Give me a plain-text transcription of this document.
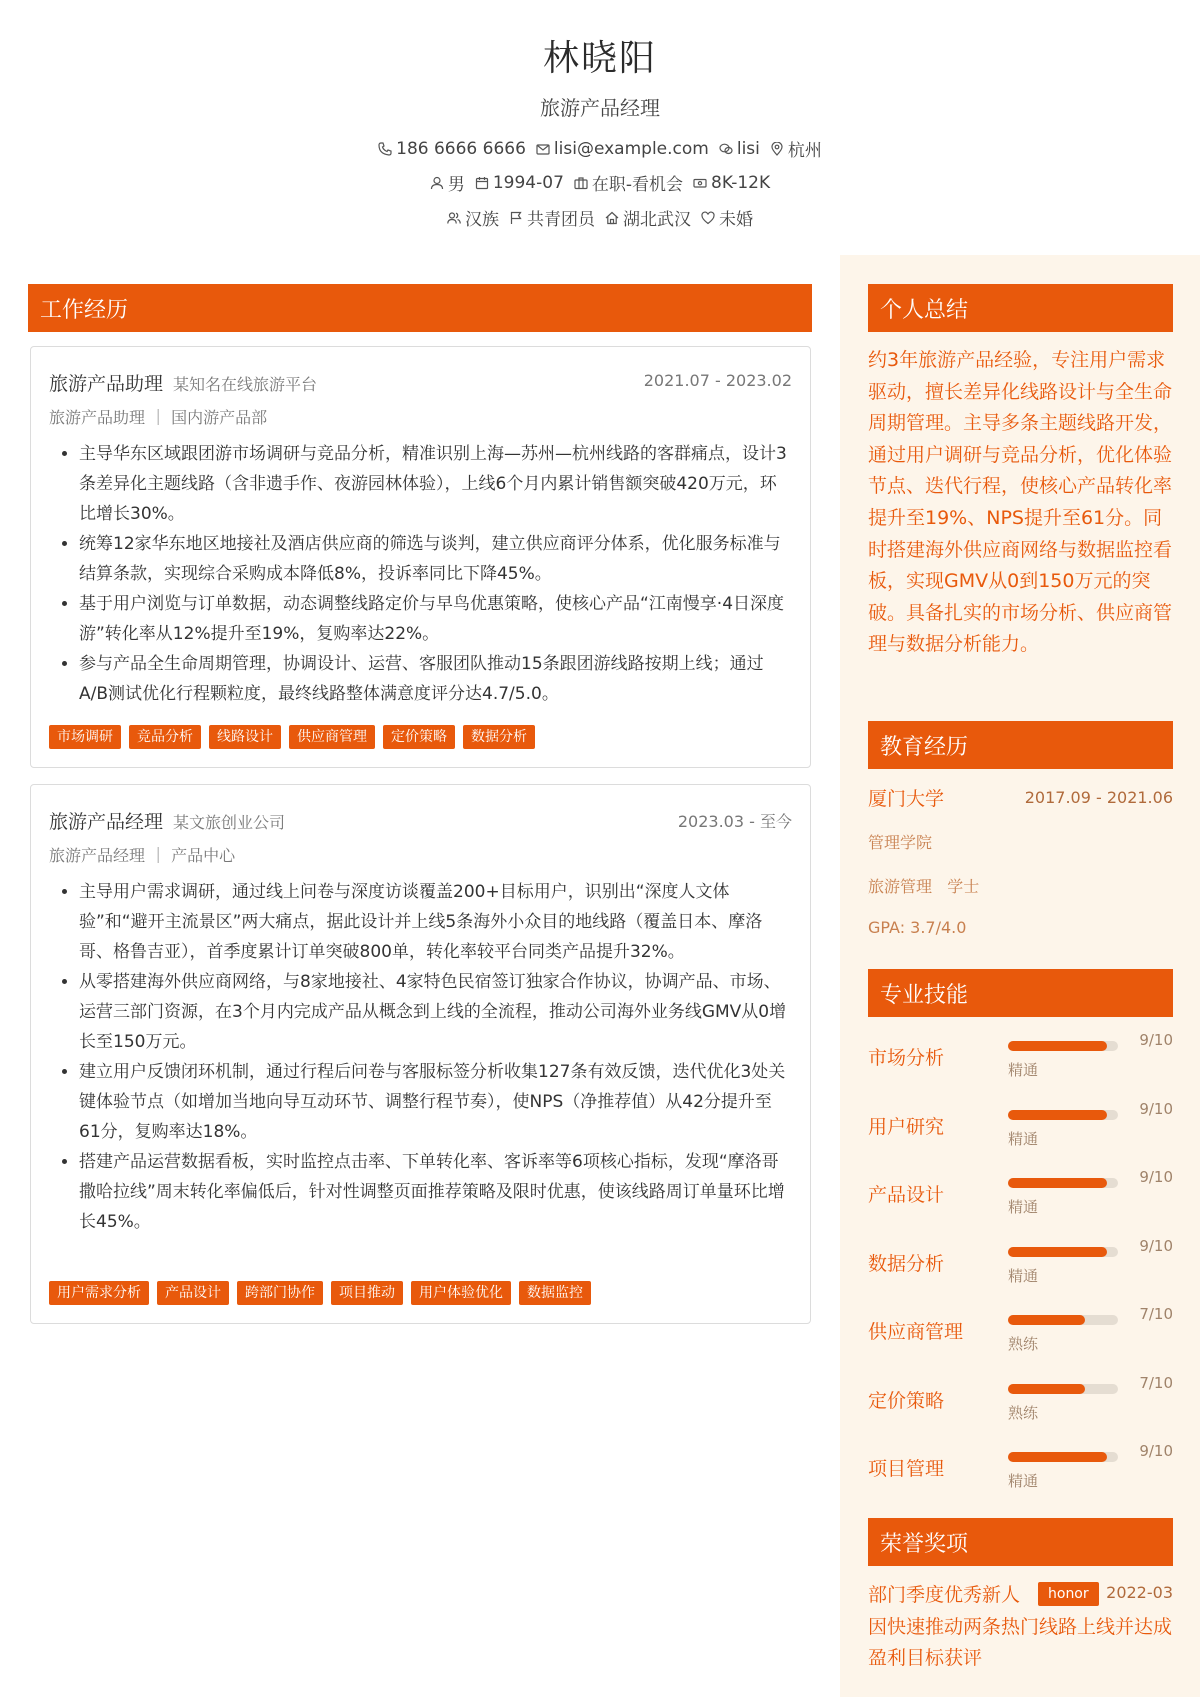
林晓阳
旅游产品经理
186 6666 6666 lisi@example.com lisi 杭州
男 1994-07 在职-看机会 8K-12K
汉族 共青团员 湖北武汉 未婚
工作经历
旅游产品助理 某知名在线旅游平台	2021.07 - 2023.02
旅游产品助理 ｜ 国内游产品部
• 主导华东区域跟团游市场调研与竞品分析，精准识别上海—苏州—杭州线路的客群痛点，设计3条差异化主题线路（含非遗手作、夜游园林体验），上线6个月内累计销售额突破420万元，环比增长30%。
• 统筹12家华东地区地接社及酒店供应商的筛选与谈判，建立供应商评分体系，优化服务标准与结算条款，实现综合采购成本降低8%，投诉率同比下降45%。
• 基于用户浏览与订单数据，动态调整线路定价与早鸟优惠策略，使核心产品“江南慢享·4日深度游”转化率从12%提升至19%，复购率达22%。
• 参与产品全生命周期管理，协调设计、运营、客服团队推动15条跟团游线路按期上线；通过A/B测试优化行程颗粒度，最终线路整体满意度评分达4.7/5.0。
市场调研	竞品分析	线路设计	供应商管理	定价策略	数据分析
旅游产品经理 某文旅创业公司	2023.03 - 至今
旅游产品经理 ｜ 产品中心
• 主导用户需求调研，通过线上问卷与深度访谈覆盖200+目标用户，识别出“深度人文体验”和“避开主流景区”两大痛点，据此设计并上线5条海外小众目的地线路（覆盖日本、摩洛哥、格鲁吉亚），首季度累计订单突破800单，转化率较平台同类产品提升32%。
• 从零搭建海外供应商网络，与8家地接社、4家特色民宿签订独家合作协议，协调产品、市场、运营三部门资源，在3个月内完成产品从概念到上线的全流程，推动公司海外业务线GMV从0增长至150万元。
• 建立用户反馈闭环机制，通过行程后问卷与客服标签分析收集127条有效反馈，迭代优化3处关键体验节点（如增加当地向导互动环节、调整行程节奏），使NPS（净推荐值）从42分提升至61分，复购率达18%。
• 搭建产品运营数据看板，实时监控点击率、下单转化率、客诉率等6项核心指标，发现“摩洛哥撒哈拉线”周末转化率偏低后，针对性调整页面推荐策略及限时优惠，使该线路周订单量环比增长45%。
用户需求分析	产品设计	跨部门协作	项目推动	用户体验优化	数据监控
个人总结
约3年旅游产品经验，专注用户需求驱动，擅长差异化线路设计与全生命周期管理。主导多条主题线路开发，通过用户调研与竞品分析，优化体验节点、迭代行程，使核心产品转化率提升至19%、NPS提升至61分。同时搭建海外供应商网络与数据监控看板，实现GMV从0到150万元的突破。具备扎实的市场分析、供应商管理与数据分析能力。
教育经历
厦门大学	2017.09 - 2021.06
管理学院
旅游管理   学士
GPA: 3.7/4.0
专业技能
市场分析
9/10
精通
用户研究
9/10
精通
产品设计
9/10
精通
数据分析
9/10
精通
供应商管理
7/10
熟练
定价策略
7/10
熟练
项目管理
9/10
精通
荣誉奖项
部门季度优秀新人	honor	2022-03
因快速推动两条热门线路上线并达成盈利目标获评
